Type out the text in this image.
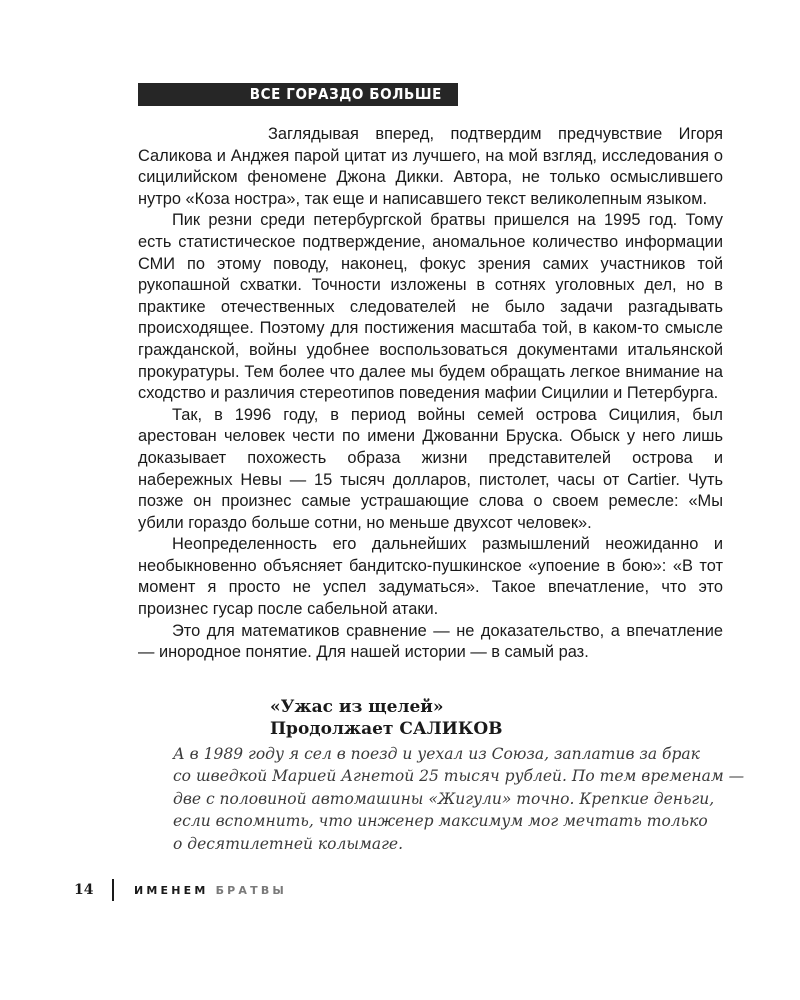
ВСЕ ГОРАЗДО БОЛЬШЕ

Заглядывая вперед, подтвердим предчувствие Игоря Саликова и Анджея парой цитат из лучшего, на мой взгляд, исследования о сицилийском феномене Джона Дикки. Автора, не только осмыслившего нутро «Коза ностра», так еще и написавшего текст великолепным языком.

Пик резни среди петербургской братвы пришелся на 1995 год. Тому есть статистическое подтверждение, аномальное количество информации СМИ по этому поводу, наконец, фокус зрения самих участников той рукопашной схватки. Точности изложены в сотнях уголовных дел, но в практике отечественных следователей не было задачи разгадывать происходящее. Поэтому для постижения масштаба той, в каком-то смысле гражданской, войны удобнее воспользоваться документами итальянской прокуратуры. Тем более что далее мы будем обращать легкое внимание на сходство и различия стереотипов поведения мафии Сицилии и Петербурга.

Так, в 1996 году, в период войны семей острова Сицилия, был арестован человек чести по имени Джованни Бруска. Обыск у него лишь доказывает похожесть образа жизни представителей острова и набережных Невы — 15 тысяч долларов, пистолет, часы от Cartier. Чуть позже он произнес самые устрашающие слова о своем ремесле: «Мы убили гораздо больше сотни, но меньше двухсот человек».

Неопределенность его дальнейших размышлений неожиданно и необыкновенно объясняет бандитско-пушкинское «упоение в бою»: «В тот момент я просто не успел задуматься». Такое впечатление, что это произнес гусар после сабельной атаки.

Это для математиков сравнение — не доказательство, а впечатление — инородное понятие. Для нашей истории — в самый раз.

«Ужас из щелей»
Продолжает САЛИКОВ
А в 1989 году я сел в поезд и уехал из Союза, заплатив за брак
со шведкой Марией Агнетой 25 тысяч рублей. По тем временам —
две с половиной автомашины «Жигули» точно. Крепкие деньги,
если вспомнить, что инженер максимум мог мечтать только
о десятилетней колымаге.
14	ИМЕНЕМ БРАТВЫ
